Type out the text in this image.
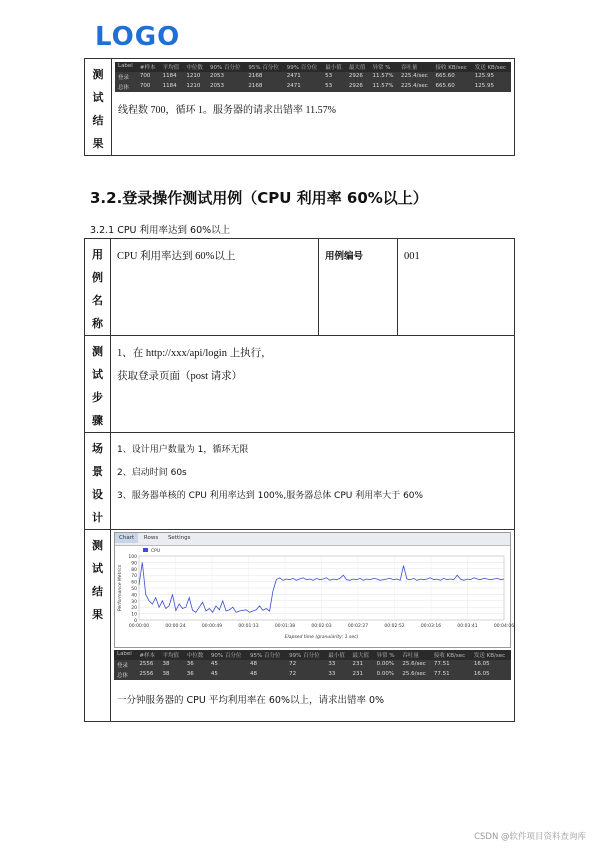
LOGO
测
试
结
果

Label	#样本	平均值	中位数	90% 百分位	95% 百分位	99% 百分位	最小值	最大值	异常 %	吞吐量	接收 KB/sec	发送 KB/sec
登录	700	1184	1210	2053	2168	2471	53	2926	11.57%	225.4/sec	665.60	125.95
总体	700	1184	1210	2053	2168	2471	53	2926	11.57%	225.4/sec	665.60	125.95
线程数 700，循环 1。服务器的请求出错率 11.57%
3.2.登录操作测试用例（CPU 利用率 60%以上）
3.2.1 CPU 利用率达到 60%以上
用
例
名
称
	CPU 利用率达到 60%以上	用例编号	001

测
试
步
骤

1、在 http://xxx/api/login 上执行，
获取登录页面（post 请求）

场
景
设
计

1、设计用户数量为 1，循环无限
2、启动时间 60s
3、服务器单核的 CPU 利用率达到 100%,服务器总体 CPU 利用率大于 60%

测
试
结
果

Chart Rows Settings
0
10
20
30
40
50
60
70
80
90
100
00:00:00	00:00:24	00:00:49	00:01:13	00:01:38	00:02:03	00:02:27	00:02:52	00:03:16	00:03:41	00:04:06
Elapsed time (granularity: 1 sec)
Performance Metrics
CPU
Label	#样本	平均值	中位数	90% 百分位	95% 百分位	99% 百分位	最小值	最大值	异常 %	吞吐量	接收 KB/sec	发送 KB/sec
登录	2556	38	36	45	48	72	33	231	0.00%	25.6/sec	77.51	16.05
总体	2556	38	36	45	48	72	33	231	0.00%	25.6/sec	77.51	16.05
一分钟服务器的 CPU 平均利用率在 60%以上，请求出错率 0%
CSDN @软件项目资料查询库
